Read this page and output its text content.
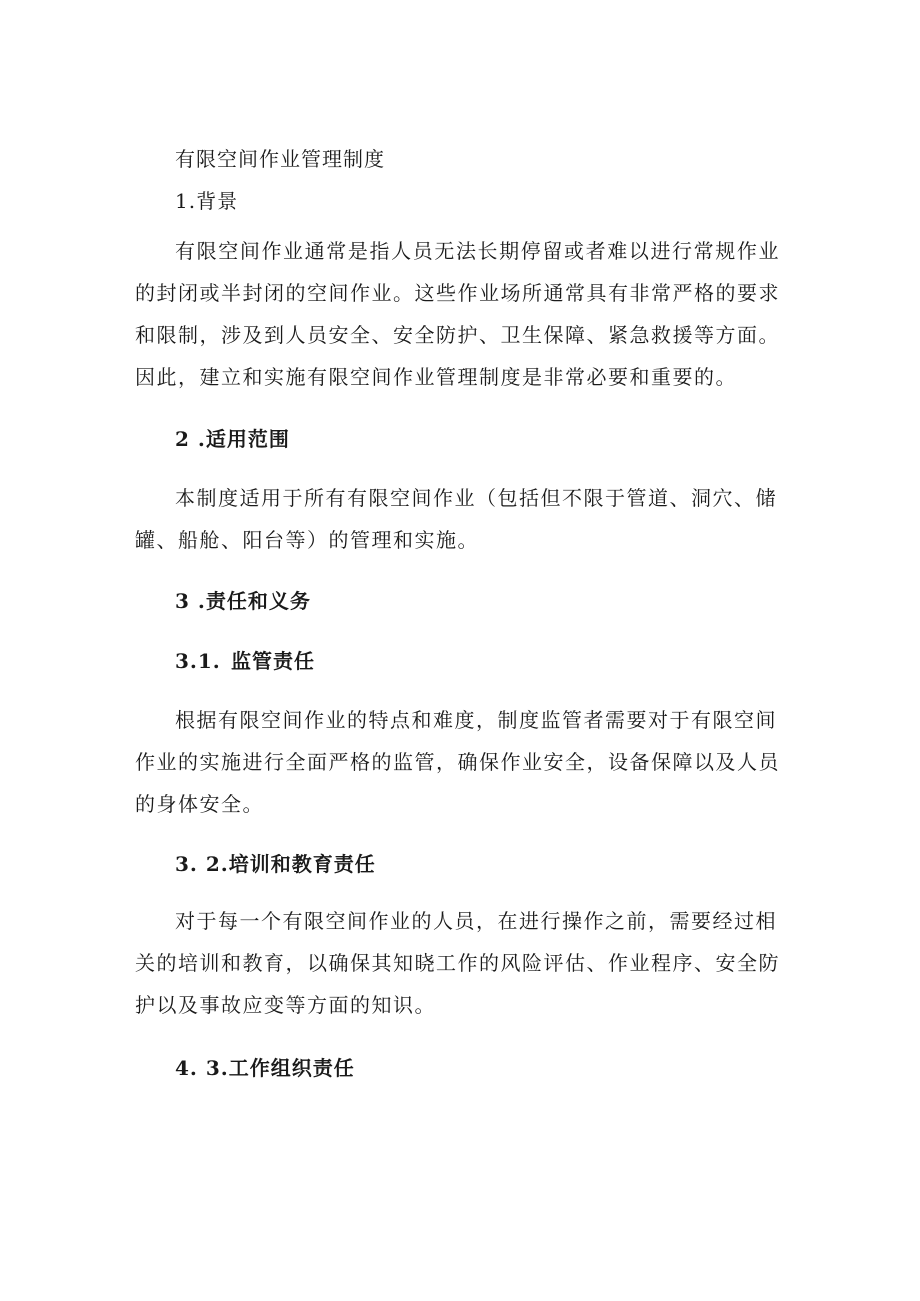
有限空间作业管理制度

1.背景

有限空间作业通常是指人员无法长期停留或者难以进行常规作业的封闭或半封闭的空间作业。这些作业场所通常具有非常严格的要求和限制，涉及到人员安全、安全防护、卫生保障、紧急救援等方面。因此，建立和实施有限空间作业管理制度是非常必要和重要的。

2 .适用范围

本制度适用于所有有限空间作业（包括但不限于管道、洞穴、储罐、船舱、阳台等）的管理和实施。

3 .责任和义务

3.1. 监管责任

根据有限空间作业的特点和难度，制度监管者需要对于有限空间作业的实施进行全面严格的监管，确保作业安全，设备保障以及人员的身体安全。

3. 2.培训和教育责任

对于每一个有限空间作业的人员，在进行操作之前，需要经过相关的培训和教育，以确保其知晓工作的风险评估、作业程序、安全防护以及事故应变等方面的知识。

4. 3.工作组织责任
